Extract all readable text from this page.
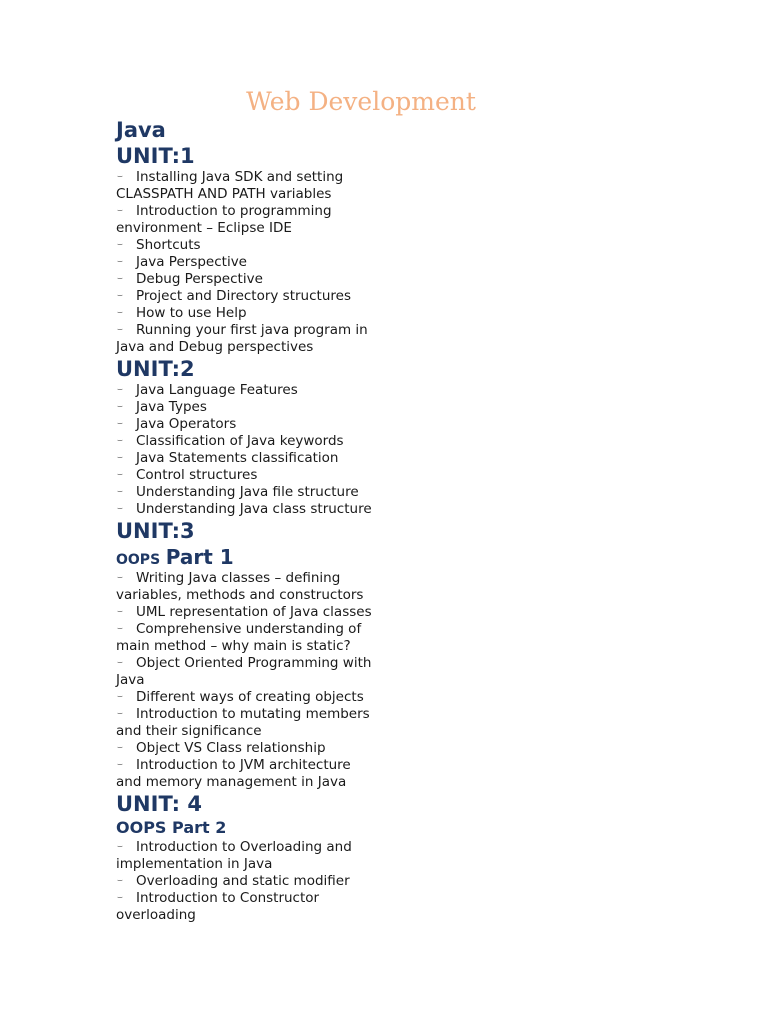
Web Development
Java
UNIT:1
⌣ Installing Java SDK and setting
CLASSPATH AND PATH variables
⌣ Introduction to programming
environment – Eclipse IDE
⌣ Shortcuts
⌣ Java Perspective
⌣ Debug Perspective
⌣ Project and Directory structures
⌣ How to use Help
⌣ Running your first java program in
Java and Debug perspectives
UNIT:2
⌣ Java Language Features
⌣ Java Types
⌣ Java Operators
⌣ Classification of Java keywords
⌣ Java Statements classification
⌣ Control structures
⌣ Understanding Java file structure
⌣ Understanding Java class structure
UNIT:3
OOPS Part 1
⌣ Writing Java classes – defining
variables, methods and constructors
⌣ UML representation of Java classes
⌣ Comprehensive understanding of
main method – why main is static?
⌣ Object Oriented Programming with
Java
⌣ Different ways of creating objects
⌣ Introduction to mutating members
and their significance
⌣ Object VS Class relationship
⌣ Introduction to JVM architecture
and memory management in Java
UNIT: 4
OOPS Part 2
⌣ Introduction to Overloading and
implementation in Java
⌣ Overloading and static modifier
⌣ Introduction to Constructor
overloading
